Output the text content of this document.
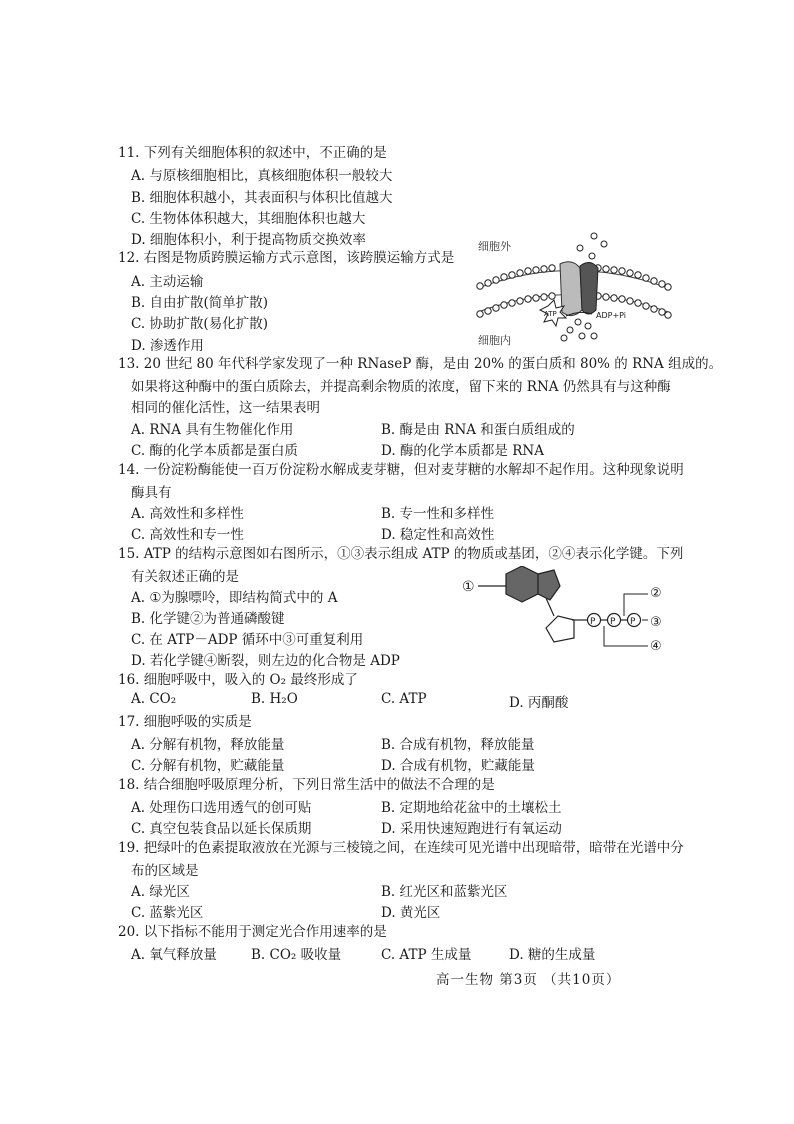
11. 下列有关细胞体积的叙述中，不正确的是
A. 与原核细胞相比，真核细胞体积一般较大
B. 细胞体积越小，其表面积与体积比值越大
C. 生物体体积越大，其细胞体积也越大
D. 细胞体积小，利于提高物质交换效率
12. 右图是物质跨膜运输方式示意图，该跨膜运输方式是
A. 主动运输
B. 自由扩散(简单扩散)
C. 协助扩散(易化扩散)
D. 渗透作用
细胞外
细胞内
ATP	ADP+Pi
13. 20 世纪 80 年代科学家发现了一种 RNaseP 酶，是由 20% 的蛋白质和 80% 的 RNA 组成的。
如果将这种酶中的蛋白质除去，并提高剩余物质的浓度，留下来的 RNA 仍然具有与这种酶
相同的催化活性，这一结果表明
A. RNA 具有生物催化作用	B. 酶是由 RNA 和蛋白质组成的
C. 酶的化学本质都是蛋白质	D. 酶的化学本质都是 RNA
14. 一份淀粉酶能使一百万份淀粉水解成麦芽糖，但对麦芽糖的水解却不起作用。这种现象说明
酶具有
A. 高效性和多样性	B. 专一性和多样性
C. 高效性和专一性	D. 稳定性和高效性
15. ATP 的结构示意图如右图所示，①③表示组成 ATP 的物质或基团，②④表示化学键。下列
有关叙述正确的是
A. ①为腺嘌呤，即结构简式中的 A
B. 化学键②为普通磷酸键
C. 在 ATP－ADP 循环中③可重复利用
D. 若化学键④断裂，则左边的化合物是 ADP
①
P P P
②
③
④
16. 细胞呼吸中，吸入的 O₂ 最终形成了
A. CO₂	B. H₂O	C. ATP	D. 丙酮酸
17. 细胞呼吸的实质是
A. 分解有机物，释放能量	B. 合成有机物，释放能量
C. 分解有机物，贮藏能量	D. 合成有机物，贮藏能量
18. 结合细胞呼吸原理分析，下列日常生活中的做法不合理的是
A. 处理伤口选用透气的创可贴	B. 定期地给花盆中的土壤松土
C. 真空包装食品以延长保质期	D. 采用快速短跑进行有氧运动
19. 把绿叶的色素提取液放在光源与三棱镜之间，在连续可见光谱中出现暗带，暗带在光谱中分
布的区域是
A. 绿光区	B. 红光区和蓝紫光区
C. 蓝紫光区	D. 黄光区
20. 以下指标不能用于测定光合作用速率的是
A. 氧气释放量	B. CO₂ 吸收量	C. ATP 生成量	D. 糖的生成量
高一生物 第3页 （共10页）
